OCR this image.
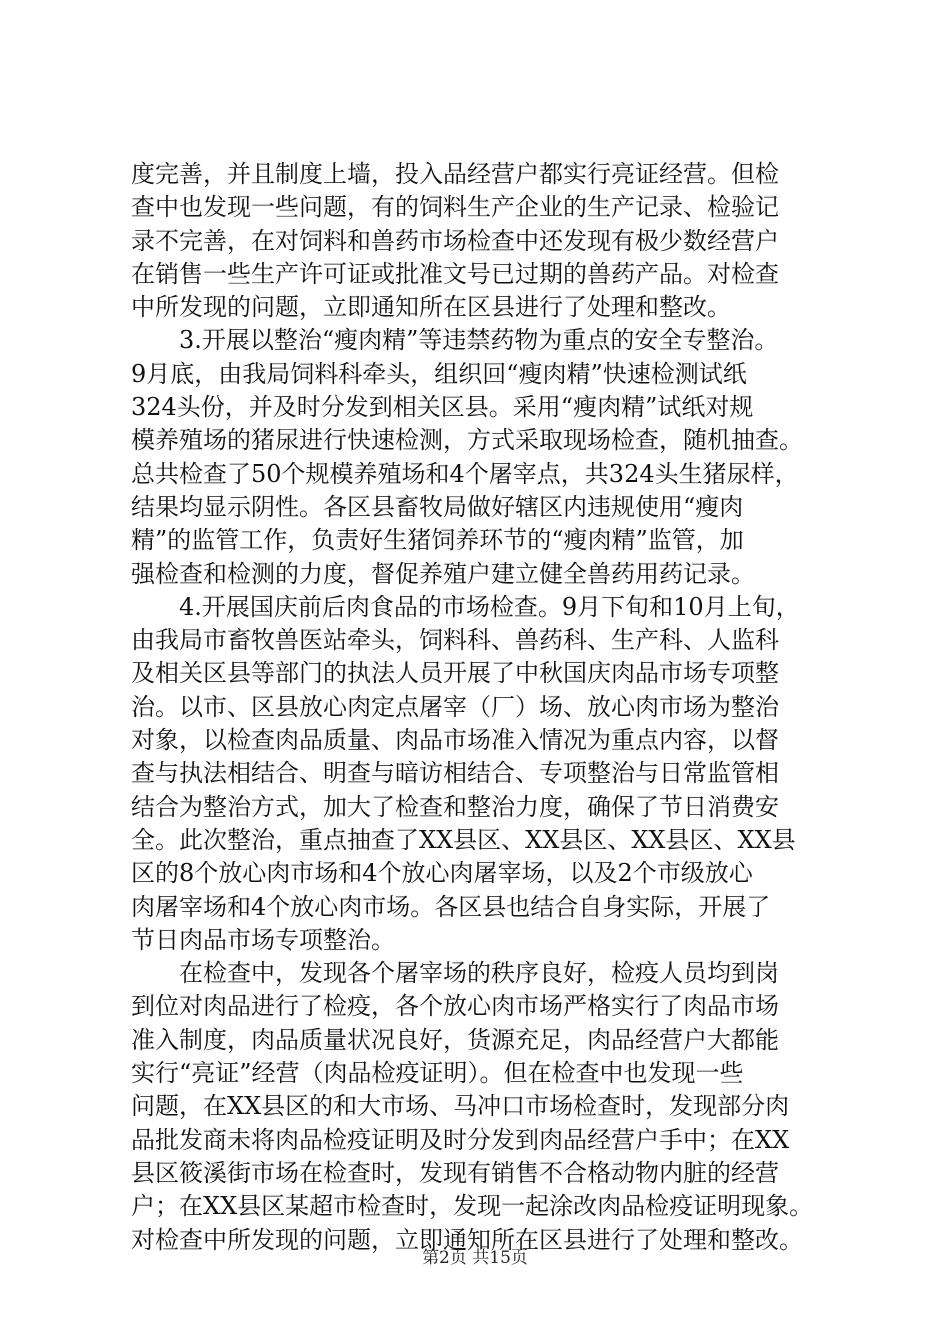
度完善，并且制度上墙，投入品经营户都实行亮证经营。但检
查中也发现一些问题，有的饲料生产企业的生产记录、检验记
录不完善，在对饲料和兽药市场检查中还发现有极少数经营户
在销售一些生产许可证或批准文号已过期的兽药产品。对检查
中所发现的问题，立即通知所在区县进行了处理和整改。
3.开展以整治“瘦肉精”等违禁药物为重点的安全专整治。
9月底，由我局饲料科牵头，组织回“瘦肉精”快速检测试纸
324头份，并及时分发到相关区县。采用“瘦肉精”试纸对规
模养殖场的猪尿进行快速检测，方式采取现场检查，随机抽查。
总共检查了50个规模养殖场和4个屠宰点，共324头生猪尿样，
结果均显示阴性。各区县畜牧局做好辖区内违规使用“瘦肉
精”的监管工作，负责好生猪饲养环节的“瘦肉精”监管，加
强检查和检测的力度，督促养殖户建立健全兽药用药记录。
4.开展国庆前后肉食品的市场检查。9月下旬和10月上旬，
由我局市畜牧兽医站牵头，饲料科、兽药科、生产科、人监科
及相关区县等部门的执法人员开展了中秋国庆肉品市场专项整
治。以市、区县放心肉定点屠宰（厂）场、放心肉市场为整治
对象，以检查肉品质量、肉品市场准入情况为重点内容，以督
查与执法相结合、明查与暗访相结合、专项整治与日常监管相
结合为整治方式，加大了检查和整治力度，确保了节日消费安
全。此次整治，重点抽查了XX县区、XX县区、XX县区、XX县
区的8个放心肉市场和4个放心肉屠宰场，以及2个市级放心
肉屠宰场和4个放心肉市场。各区县也结合自身实际，开展了
节日肉品市场专项整治。
在检查中，发现各个屠宰场的秩序良好，检疫人员均到岗
到位对肉品进行了检疫，各个放心肉市场严格实行了肉品市场
准入制度，肉品质量状况良好，货源充足，肉品经营户大都能
实行“亮证”经营（肉品检疫证明）。但在检查中也发现一些
问题，在XX县区的和大市场、马冲口市场检查时，发现部分肉
品批发商未将肉品检疫证明及时分发到肉品经营户手中；在XX
县区筱溪街市场在检查时，发现有销售不合格动物内脏的经营
户；在XX县区某超市检查时，发现一起涂改肉品检疫证明现象。
对检查中所发现的问题，立即通知所在区县进行了处理和整改。
第2页 共15页
